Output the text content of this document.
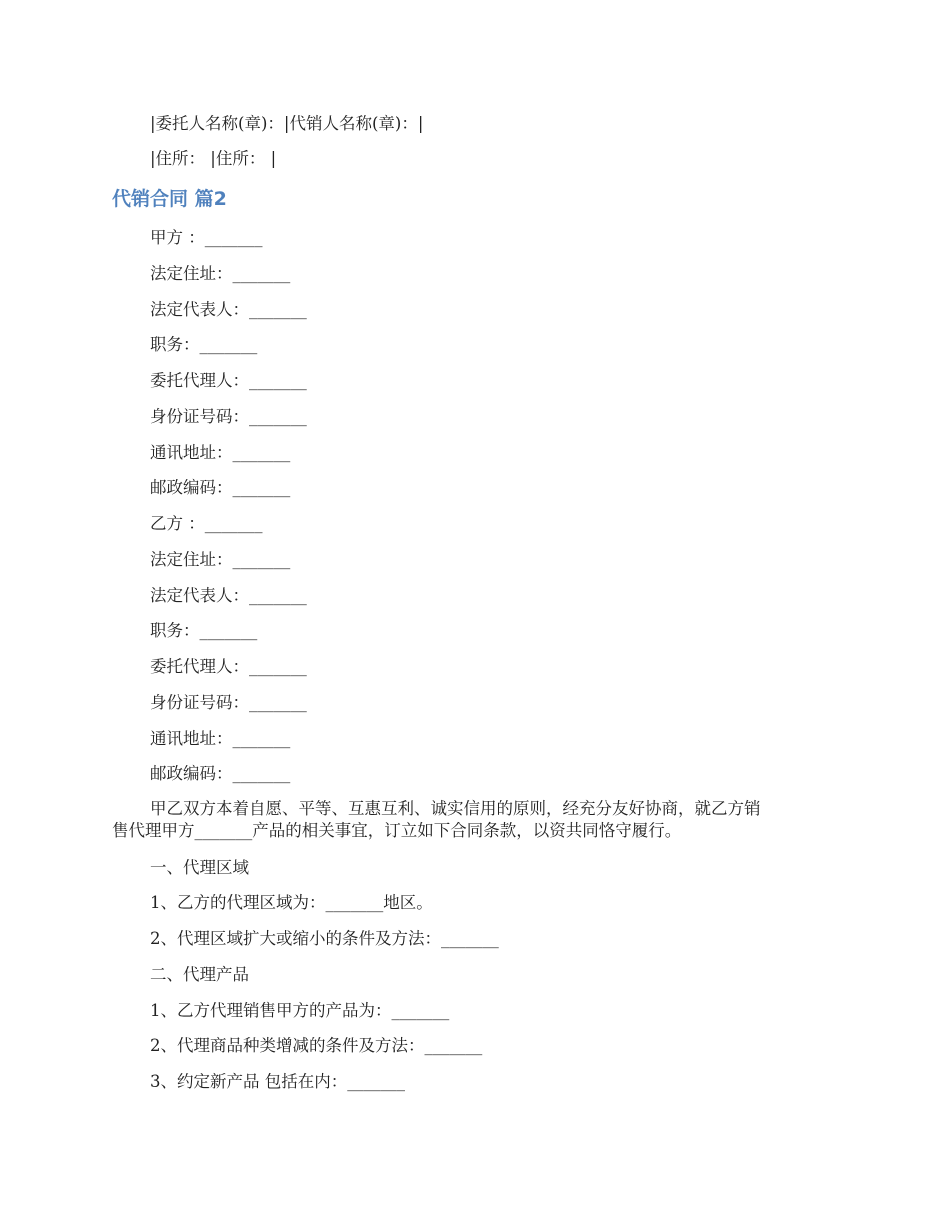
|委托人名称(章)：|代销人名称(章)：|
|住所： |住所： |
代销合同 篇2
甲方 ：_______
法定住址：_______
法定代表人：_______
职务：_______
委托代理人：_______
身份证号码：_______
通讯地址：_______
邮政编码：_______
乙方 ：_______
法定住址：_______
法定代表人：_______
职务：_______
委托代理人：_______
身份证号码：_______
通讯地址：_______
邮政编码：_______
甲乙双方本着自愿、平等、互惠互利、诚实信用的原则，经充分友好协商，就乙方销
售代理甲方_______产品的相关事宜，订立如下合同条款，以资共同恪守履行。
一、代理区域
1、乙方的代理区域为：_______地区。
2、代理区域扩大或缩小的条件及方法：_______
二、代理产品
1、乙方代理销售甲方的产品为：_______
2、代理商品种类增减的条件及方法：_______
3、约定新产品 包括在内：_______
